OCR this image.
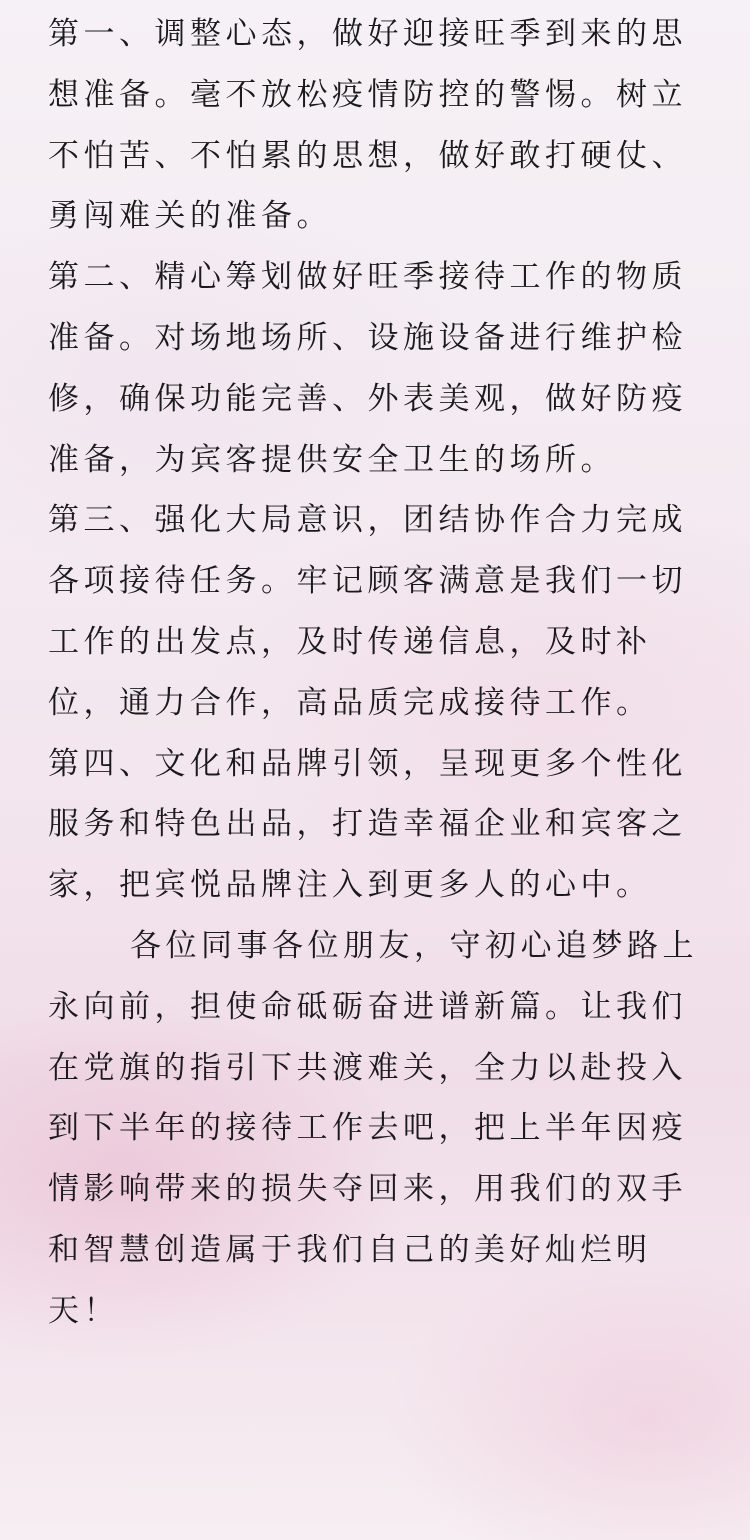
第一、调整心态，做好迎接旺季到来的思想准备。毫不放松疫情防控的警惕。树立不怕苦、不怕累的思想，做好敢打硬仗、勇闯难关的准备。

第二、精心筹划做好旺季接待工作的物质准备。对场地场所、设施设备进行维护检修，确保功能完善、外表美观，做好防疫准备，为宾客提供安全卫生的场所。

第三、强化大局意识，团结协作合力完成各项接待任务。牢记顾客满意是我们一切工作的出发点，及时传递信息，及时补位，通力合作，高品质完成接待工作。

第四、文化和品牌引领，呈现更多个性化服务和特色出品，打造幸福企业和宾客之家，把宾悦品牌注入到更多人的心中。

各位同事各位朋友，守初心追梦路上永向前，担使命砥砺奋进谱新篇。让我们在党旗的指引下共渡难关，全力以赴投入到下半年的接待工作去吧，把上半年因疫情影响带来的损失夺回来，用我们的双手和智慧创造属于我们自己的美好灿烂明天！
